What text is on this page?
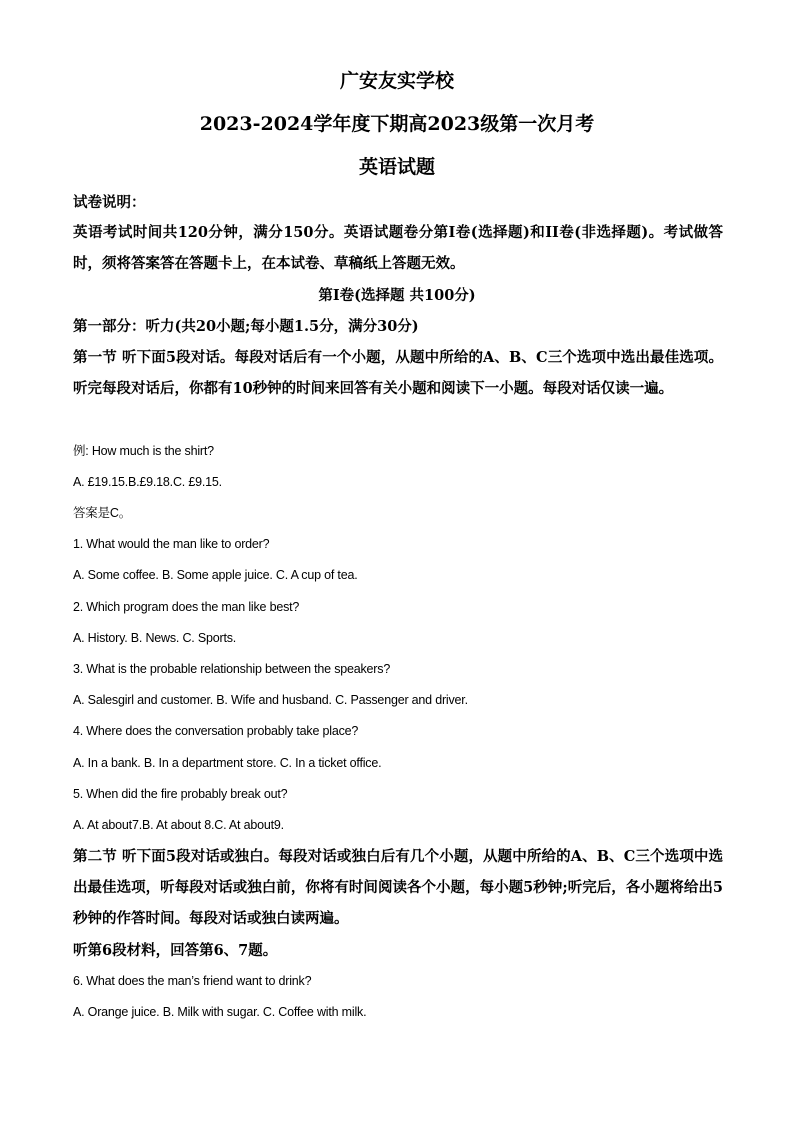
广安友实学校
2023-2024学年度下期高2023级第一次月考
英语试题
试卷说明：
英语考试时间共120分钟，满分150分。英语试题卷分第I卷(选择题)和II卷(非选择题)。考试做答时，须将答案答在答题卡上，在本试卷、草稿纸上答题无效。
第I卷(选择题 共100分)
第一部分：听力(共20小题;每小题1.5分，满分30分)
第一节 听下面5段对话。每段对话后有一个小题，从题中所给的A、B、C三个选项中选出最佳选项。听完每段对话后，你都有10秒钟的时间来回答有关小题和阅读下一小题。每段对话仅读一遍。
例: How much is the shirt?
A. £19.15.B.£9.18.C. £9.15.
答案是C。
1. What would the man like to order?
A. Some coffee. B. Some apple juice. C. A cup of tea.
2. Which program does the man like best?
A. History. B. News. C. Sports.
3. What is the probable relationship between the speakers?
A. Salesgirl and customer. B. Wife and husband. C. Passenger and driver.
4. Where does the conversation probably take place?
A. In a bank. B. In a department store. C. In a ticket office.
5. When did the fire probably break out?
A. At about7.B. At about 8.C. At about9.
第二节 听下面5段对话或独白。每段对话或独白后有几个小题，从题中所给的A、B、C三个选项中选出最佳选项，听每段对话或独白前，你将有时间阅读各个小题，每小题5秒钟;听完后，各小题将给出5秒钟的作答时间。每段对话或独白读两遍。
听第6段材料，回答第6、7题。
6. What does the man’s friend want to drink?
A. Orange juice. B. Milk with sugar. C. Coffee with milk.
